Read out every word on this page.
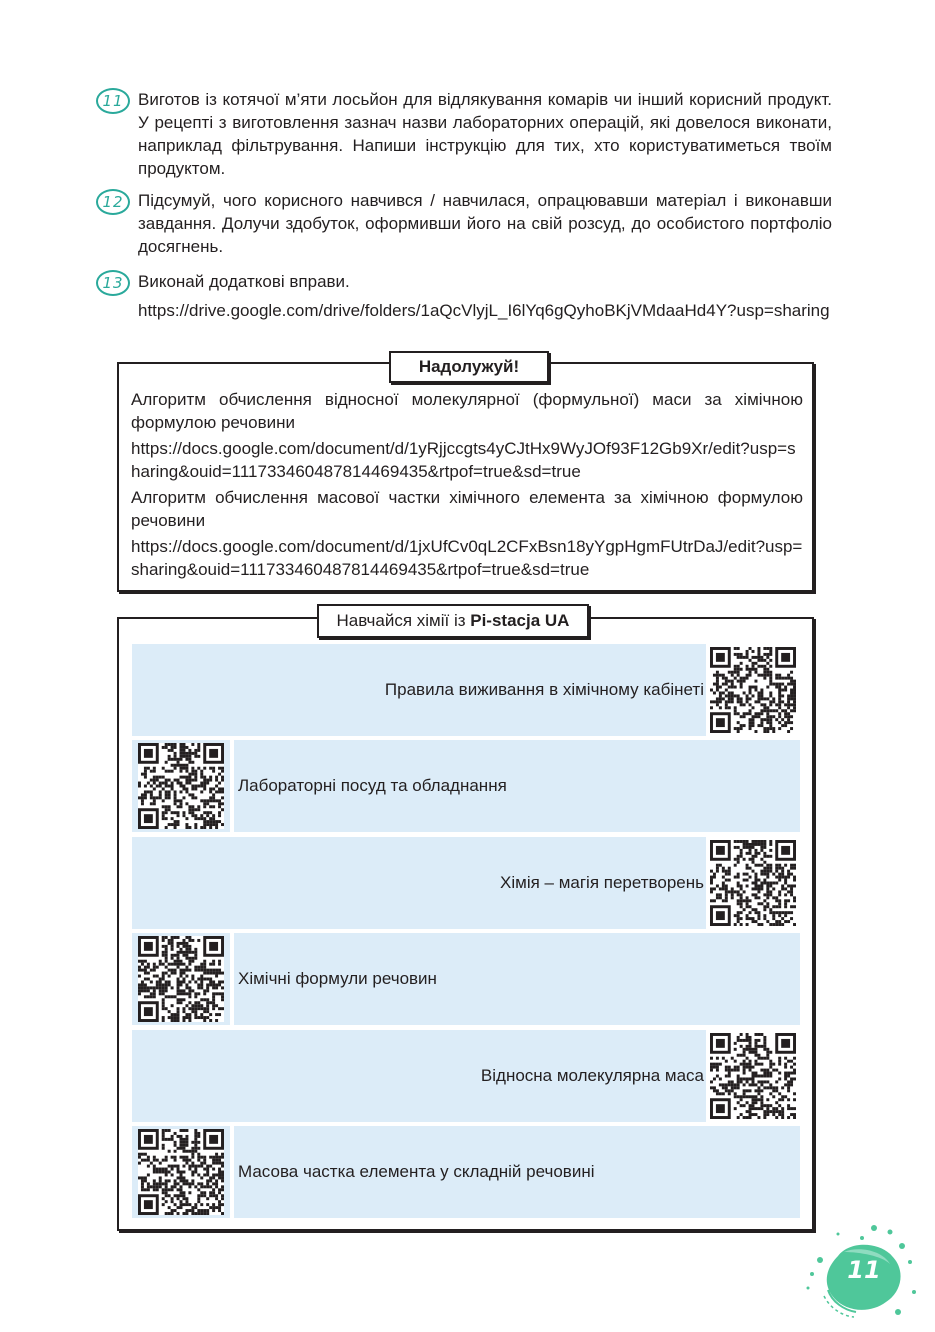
11 Виготов із котячої м’яти лосьйон для відлякування комарів чи інший корисний продукт. У рецепті з виготовлення зазнач назви лабораторних операцій, які довелося виконати, наприклад фільтрування. Напиши інструкцію для тих, хто користуватиметься твоїм продуктом.
12 Підсумуй, чого корисного навчився / навчилася, опрацювавши матеріал і виконавши завдання. Долучи здобуток, оформивши його на свій розсуд, до особистого портфоліо досягнень.
13 Виконай додаткові вправи.
https://drive.google.com/drive/folders/1aQcVlyjL_I6lYq6gQyhoBKjVMdaaHd4Y?usp=sharing
Надолужуй!

Алгоритм обчислення відносної молекулярної (формульної) маси за хімічною формулою речовини

https://docs.google.com/document/d/1yRjjccgts4yCJtHx9WyJOf93F12Gb9Xr/edit?usp=sharing&ouid=111733460487814469435&rtpof=true&sd=true

Алгоритм обчислення масової частки хімічного елемента за хімічною формулою речовини

https://docs.google.com/document/d/1jxUfCv0qL2CFxBsn18yYgpHgmFUtrDaJ/edit?usp=sharing&ouid=111733460487814469435&rtpof=true&sd=true

Навчайся хімії із Pi-stacja UA
Правила виживання в хімічному кабінеті
Лабораторні посуд та обладнання
Хімія – магія перетворень
Хімічні формули речовин
Відносна молекулярна маса
Масова частка елемента у складній речовині
11
